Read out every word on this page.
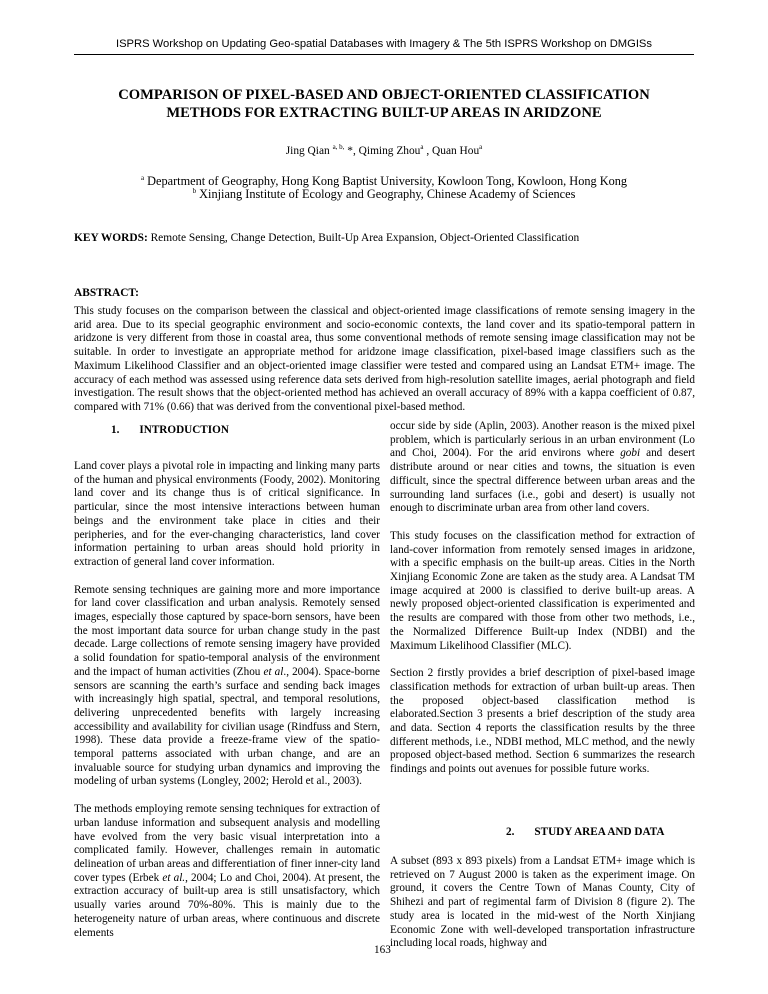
ISPRS Workshop on Updating Geo-spatial Databases with Imagery & The 5th ISPRS Workshop on DMGISs
COMPARISON OF PIXEL-BASED AND OBJECT-ORIENTED CLASSIFICATION
METHODS FOR EXTRACTING BUILT-UP AREAS IN ARIDZONE
Jing Qian $^{a, b,}$ *, Qiming Zhou$^a$ , Quan Hou$^a$
$^a$ Department of Geography, Hong Kong Baptist University, Kowloon Tong, Kowloon, Hong Kong
$^b$ Xinjiang Institute of Ecology and Geography, Chinese Academy of Sciences
KEY WORDS: Remote Sensing, Change Detection, Built-Up Area Expansion, Object-Oriented Classification
ABSTRACT:
This study focuses on the comparison between the classical and object-oriented image classifications of remote sensing imagery in the arid area. Due to its special geographic environment and socio-economic contexts, the land cover and its spatio-temporal pattern in aridzone is very different from those in coastal area, thus some conventional methods of remote sensing image classification may not be suitable. In order to investigate an appropriate method for aridzone image classification, pixel-based image classifiers such as the Maximum Likelihood Classifier and an object-oriented image classifier were tested and compared using an Landsat ETM+ image. The accuracy of each method was assessed using reference data sets derived from high-resolution satellite images, aerial photograph and field investigation. The result shows that the object-oriented method has achieved an overall accuracy of 89% with a kappa coefficient of 0.87, compared with 71% (0.66) that was derived from the conventional pixel-based method.
1. INTRODUCTION

Land cover plays a pivotal role in impacting and linking many parts of the human and physical environments (Foody, 2002). Monitoring land cover and its change thus is of critical significance. In particular, since the most intensive interactions between human beings and the environment take place in cities and their peripheries, and for the ever-changing characteristics, land cover information pertaining to urban areas should hold priority in extraction of general land cover information.

Remote sensing techniques are gaining more and more importance for land cover classification and urban analysis. Remotely sensed images, especially those captured by space-born sensors, have been the most important data source for urban change study in the past decade. Large collections of remote sensing imagery have provided a solid foundation for spatio-temporal analysis of the environment and the impact of human activities (Zhou et al., 2004). Space-borne sensors are scanning the earth’s surface and sending back images with increasingly high spatial, spectral, and temporal resolutions, delivering unprecedented benefits with largely increasing accessibility and availability for civilian usage (Rindfuss and Stern, 1998). These data provide a freeze-frame view of the spatio-temporal patterns associated with urban change, and are an invaluable source for studying urban dynamics and improving the modeling of urban systems (Longley, 2002; Herold et al., 2003).

The methods employing remote sensing techniques for extraction of urban landuse information and subsequent analysis and modelling have evolved from the very basic visual interpretation into a complicated family. However, challenges remain in automatic delineation of urban areas and differentiation of finer inner-city land cover types (Erbek et al., 2004; Lo and Choi, 2004). At present, the extraction accuracy of built-up area is still unsatisfactory, which usually varies around 70%-80%. This is mainly due to the heterogeneity nature of urban areas, where continuous and discrete elements

occur side by side (Aplin, 2003). Another reason is the mixed pixel problem, which is particularly serious in an urban environment (Lo and Choi, 2004). For the arid environs where gobi and desert distribute around or near cities and towns, the situation is even difficult, since the spectral difference between urban areas and the surrounding land surfaces (i.e., gobi and desert) is usually not enough to discriminate urban area from other land covers.

This study focuses on the classification method for extraction of land-cover information from remotely sensed images in aridzone, with a specific emphasis on the built-up areas. Cities in the North Xinjiang Economic Zone are taken as the study area. A Landsat TM image acquired at 2000 is classified to derive built-up areas. A newly proposed object-oriented classification is experimented and the results are compared with those from other two methods, i.e., the Normalized Difference Built-up Index (NDBI) and the Maximum Likelihood Classifier (MLC).

Section 2 firstly provides a brief description of pixel-based image classification methods for extraction of urban built-up areas. Then the proposed object-based classification method is elaborated.Section 3 presents a brief description of the study area and data. Section 4 reports the classification results by the three different methods, i.e., NDBI method, MLC method, and the newly proposed object-based method. Section 6 summarizes the research findings and points out avenues for possible future works.

2. STUDY AREA AND DATA

A subset (893 x 893 pixels) from a Landsat ETM+ image which is retrieved on 7 August 2000 is taken as the experiment image. On ground, it covers the Centre Town of Manas County, City of Shihezi and part of regimental farm of Division 8 (figure 2). The study area is located in the mid-west of the North Xinjiang Economic Zone with well-developed transportation infrastructure including local roads, highway and

163
